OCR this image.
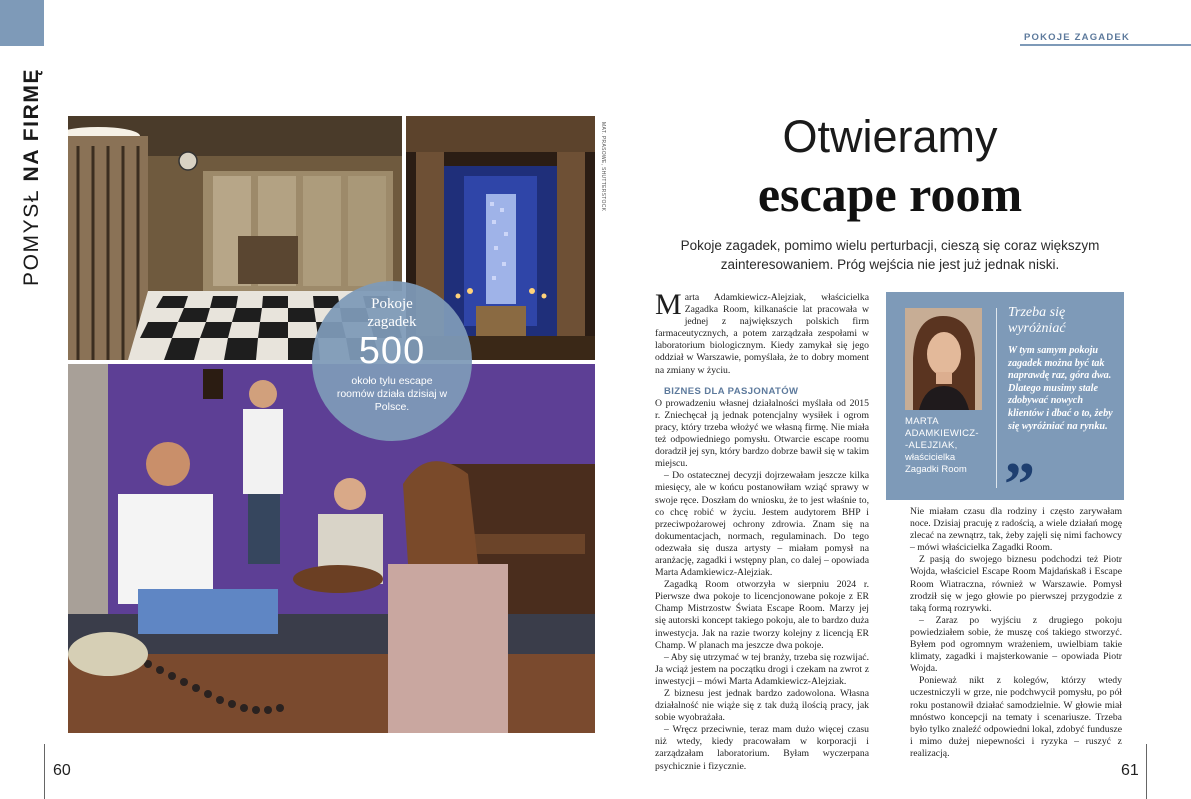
POMYSŁ NA FIRMĘ	MAT. PRASOWE, SHUTTERSTOCK
Pokoje
zagadek
500
około tylu escape roomów działa dzisiaj w Polsce.
60
POKOJE ZAGADEK
Otwieramy
escape room

Pokoje zagadek, pomimo wielu perturbacji, cieszą się coraz większym zainteresowaniem. Próg wejścia nie jest już jednak niski.

Marta Adamkiewicz-Alejziak, właścicielka Zagadka Room, kilkanaście lat pracowała w jednej z największych polskich firm farmaceutycznych, a potem zarządzała zespołami w laboratorium biologicznym. Kiedy zamykał się jego oddział w Warszawie, pomyślała, że to dobry moment na zmiany w życiu.

BIZNES DLA PASJONATÓW

O prowadzeniu własnej działalności myślała od 2015 r. Zniechęcał ją jednak potencjalny wysiłek i ogrom pracy, który trzeba włożyć we własną firmę. Nie miała też odpowiedniego pomysłu. Otwarcie escape roomu doradził jej syn, który bardzo dobrze bawił się w takim miejscu.

– Do ostatecznej decyzji dojrzewałam jeszcze kilka miesięcy, ale w końcu postanowiłam wziąć sprawy w swoje ręce. Doszłam do wniosku, że to jest właśnie to, co chcę robić w życiu. Jestem audytorem BHP i przeciwpożarowej ochrony zdrowia. Znam się na dokumentacjach, normach, regulaminach. Do tego odezwała się dusza artysty – miałam pomysł na aranżację, zagadki i wstępny plan, co dalej – opowiada Marta Adamkiewicz-Alejziak.

Zagadką Room otworzyła w sierpniu 2024 r. Pierwsze dwa pokoje to licencjonowane pokoje z ER Champ Mistrzostw Świata Escape Room. Marzy jej się autorski koncept takiego pokoju, ale to bardzo duża inwestycja. Jak na razie tworzy kolejny z licencją ER Champ. W planach ma jeszcze dwa pokoje.

– Aby się utrzymać w tej branży, trzeba się rozwijać. Ja wciąż jestem na początku drogi i czekam na zwrot z inwestycji – mówi Marta Adamkiewicz-Alejziak.

Z biznesu jest jednak bardzo zadowolona. Własna działalność nie wiąże się z tak dużą ilością pracy, jak sobie wyobrażała.

– Wręcz przeciwnie, teraz mam dużo więcej czasu niż wtedy, kiedy pracowałam w korporacji i zarządzałam laboratorium. Byłam wyczerpana psychicznie i fizycznie.

MARTA
ADAMKIEWICZ-
-ALEJZIAK,
właścicielka
Zagadki Room
Trzeba się wyróżniać
W tym samym pokoju zagadek można być tak naprawdę raz, góra dwa. Dlatego musimy stale zdobywać nowych klientów i dbać o to, żeby się wyróżniać na rynku.
”

Nie miałam czasu dla rodziny i często zarywałam noce. Dzisiaj pracuję z radością, a wiele działań mogę zlecać na zewnątrz, tak, żeby zajęli się nimi fachowcy – mówi właścicielka Zagadki Room.

Z pasją do swojego biznesu podchodzi też Piotr Wojda, właściciel Escape Room Majdańska8 i Escape Room Wiatraczna, również w Warszawie. Pomysł zrodził się w jego głowie po pierwszej przygodzie z taką formą rozrywki.

– Zaraz po wyjściu z drugiego pokoju powiedziałem sobie, że muszę coś takiego stworzyć. Byłem pod ogromnym wrażeniem, uwielbiam takie klimaty, zagadki i majsterkowanie – opowiada Piotr Wojda.

Ponieważ nikt z kolegów, którzy wtedy uczestniczyli w grze, nie podchwycił pomysłu, po pół roku postanowił działać samodzielnie. W głowie miał mnóstwo koncepcji na tematy i scenariusze. Trzeba było tylko znaleźć odpowiedni lokal, zdobyć fundusze i mimo dużej niepewności i ryzyka – ruszyć z realizacją.

61
